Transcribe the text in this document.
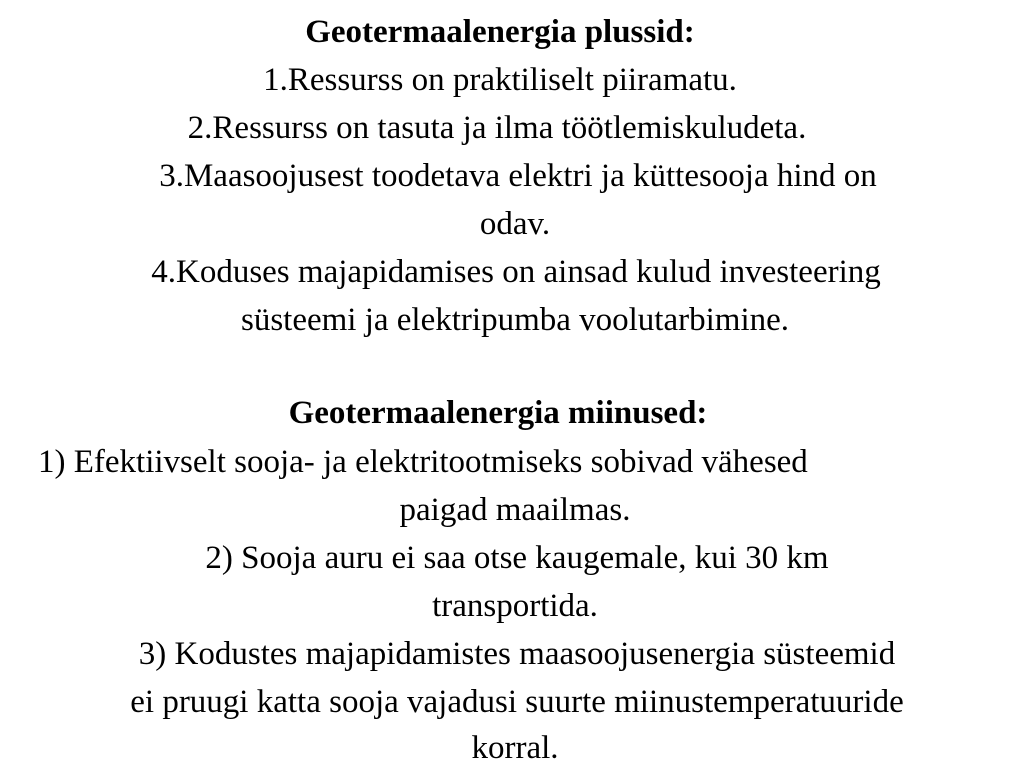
Geotermaalenergia plussid:
1.Ressurss on praktiliselt piiramatu.
2.Ressurss on tasuta ja ilma töötlemiskuludeta.
3.Maasoojusest toodetava elektri ja küttesooja hind on
odav.
4.Koduses majapidamises on ainsad kulud investeering
süsteemi ja elektripumba voolutarbimine.
Geotermaalenergia miinused:
1) Efektiivselt sooja- ja elektritootmiseks sobivad vähesed
paigad maailmas.
2) Sooja auru ei saa otse kaugemale, kui 30 km
transportida.
3) Kodustes majapidamistes maasoojusenergia süsteemid
ei pruugi katta sooja vajadusi suurte miinustemperatuuride
korral.
